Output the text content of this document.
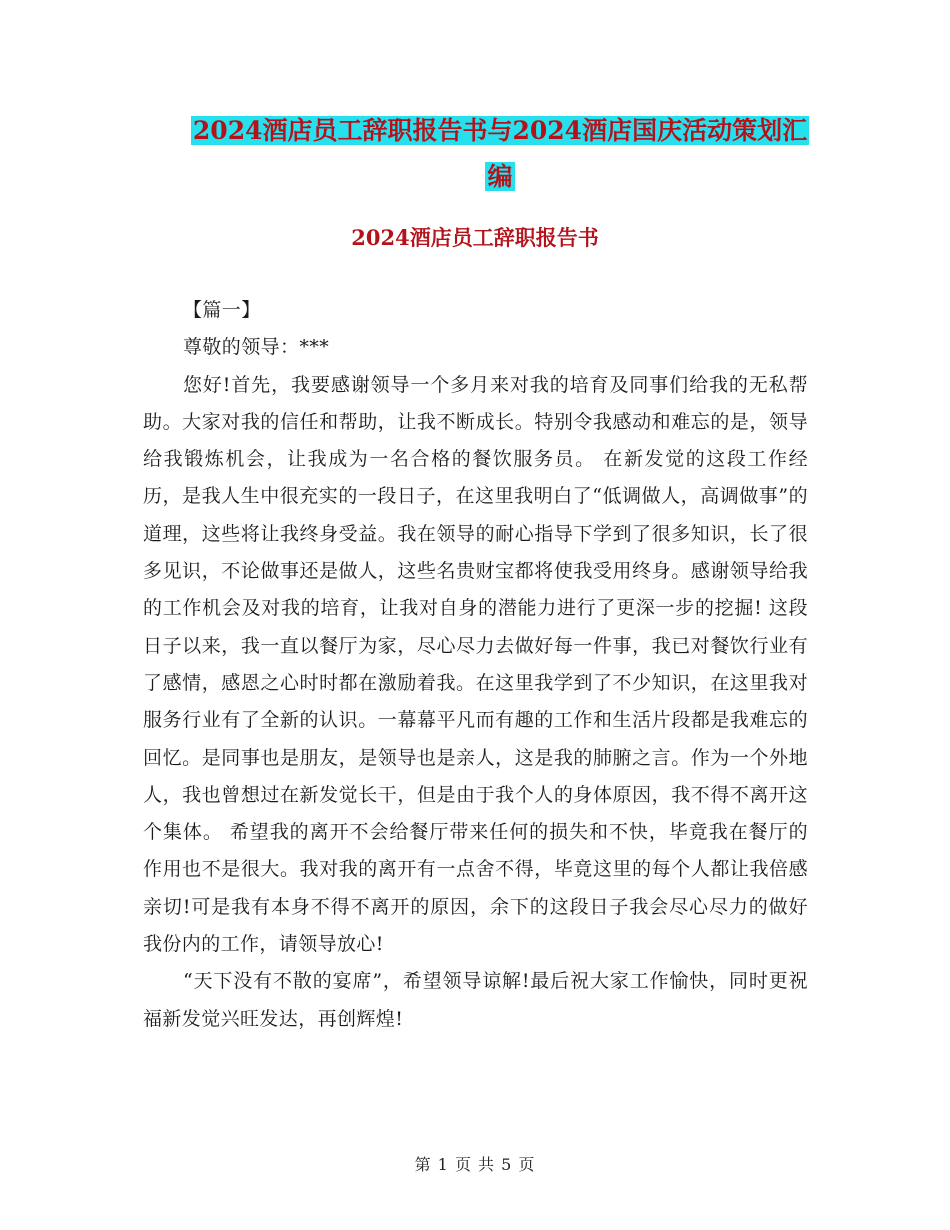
2024酒店员工辞职报告书与2024酒店国庆活动策划汇
编
2024酒店员工辞职报告书

【篇一】

尊敬的领导：***

您好!首先，我要感谢领导一个多月来对我的培育及同事们给我的无私帮助。大家对我的信任和帮助，让我不断成长。特别令我感动和难忘的是，领导给我锻炼机会，让我成为一名合格的餐饮服务员。 在新发觉的这段工作经历，是我人生中很充实的一段日子，在这里我明白了“低调做人，高调做事”的道理，这些将让我终身受益。我在领导的耐心指导下学到了很多知识，长了很多见识，不论做事还是做人，这些名贵财宝都将使我受用终身。感谢领导给我的工作机会及对我的培育，让我对自身的潜能力进行了更深一步的挖掘! 这段日子以来，我一直以餐厅为家，尽心尽力去做好每一件事，我已对餐饮行业有了感情，感恩之心时时都在激励着我。在这里我学到了不少知识，在这里我对服务行业有了全新的认识。一幕幕平凡而有趣的工作和生活片段都是我难忘的回忆。是同事也是朋友，是领导也是亲人，这是我的肺腑之言。作为一个外地人，我也曾想过在新发觉长干，但是由于我个人的身体原因，我不得不离开这个集体。 希望我的离开不会给餐厅带来任何的损失和不快，毕竟我在餐厅的作用也不是很大。我对我的离开有一点舍不得，毕竟这里的每个人都让我倍感亲切!可是我有本身不得不离开的原因，余下的这段日子我会尽心尽力的做好我份内的工作，请领导放心!

“天下没有不散的宴席”，希望领导谅解!最后祝大家工作愉快，同时更祝福新发觉兴旺发达，再创辉煌!

第 1 页 共 5 页
